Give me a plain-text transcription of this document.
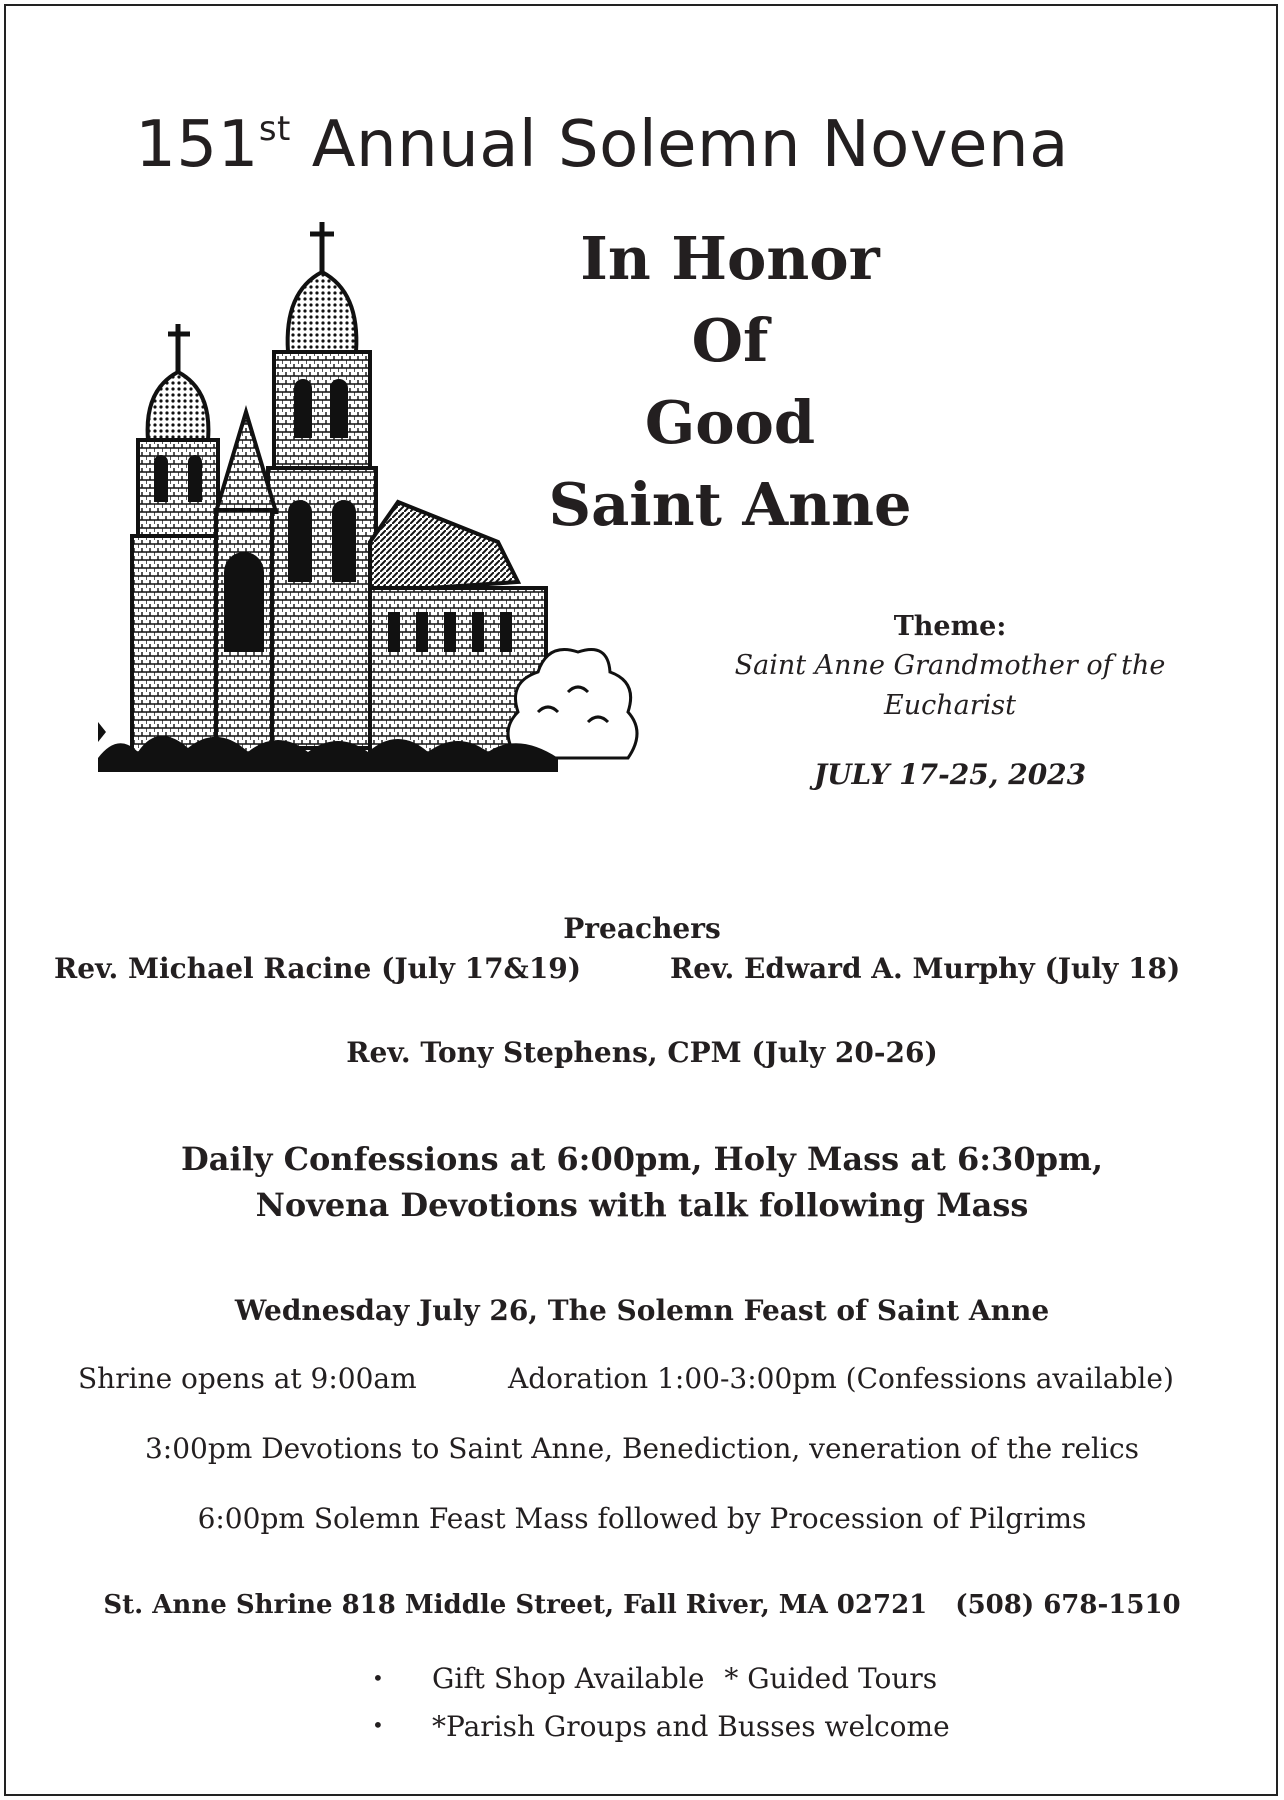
151st Annual Solemn Novena
In Honor
Of
Good
Saint Anne
Theme:
Saint Anne Grandmother of the
Eucharist
JULY 17-25, 2023
Preachers
Rev. Michael Racine (July 17&19)	Rev. Edward A. Murphy (July 18)
Rev. Tony Stephens, CPM (July 20-26)
Daily Confessions at 6:00pm, Holy Mass at 6:30pm,
Novena Devotions with talk following Mass
Wednesday July 26, The Solemn Feast of Saint Anne
Shrine opens at 9:00am	Adoration 1:00-3:00pm (Confessions available)
3:00pm Devotions to Saint Anne, Benediction, veneration of the relics
6:00pm Solemn Feast Mass followed by Procession of Pilgrims
St. Anne Shrine 818 Middle Street, Fall River, MA 02721 (508) 678-1510
• Gift Shop Available * Guided Tours
• *Parish Groups and Busses welcome
